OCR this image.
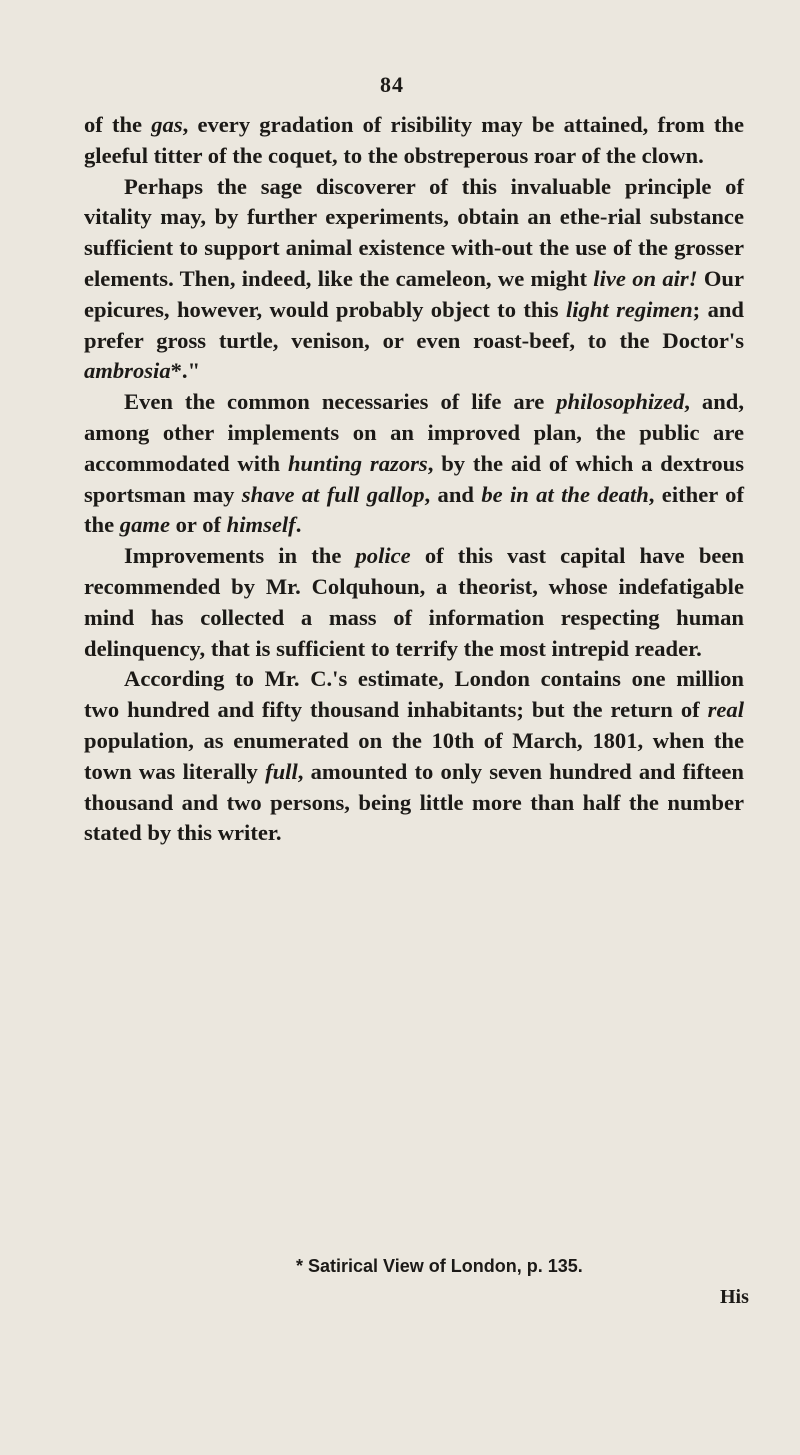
84

of the gas, every gradation of risibility may be attained, from the gleeful titter of the coquet, to the obstreperous roar of the clown.

Perhaps the sage discoverer of this invaluable principle of vitality may, by further experiments, obtain an ethe-rial substance sufficient to support animal existence with-out the use of the grosser elements. Then, indeed, like the cameleon, we might live on air! Our epicures, however, would probably object to this light regimen; and prefer gross turtle, venison, or even roast-beef, to the Doctor's ambrosia*."

Even the common necessaries of life are philosophized, and, among other implements on an improved plan, the public are accommodated with hunting razors, by the aid of which a dextrous sportsman may shave at full gallop, and be in at the death, either of the game or of himself.

Improvements in the police of this vast capital have been recommended by Mr. Colquhoun, a theorist, whose indefatigable mind has collected a mass of information respecting human delinquency, that is sufficient to terrify the most intrepid reader.

According to Mr. C.'s estimate, London contains one million two hundred and fifty thousand inhabitants; but the return of real population, as enumerated on the 10th of March, 1801, when the town was literally full, amounted to only seven hundred and fifteen thousand and two persons, being little more than half the number stated by this writer.

* Satirical View of London, p. 135.
His
